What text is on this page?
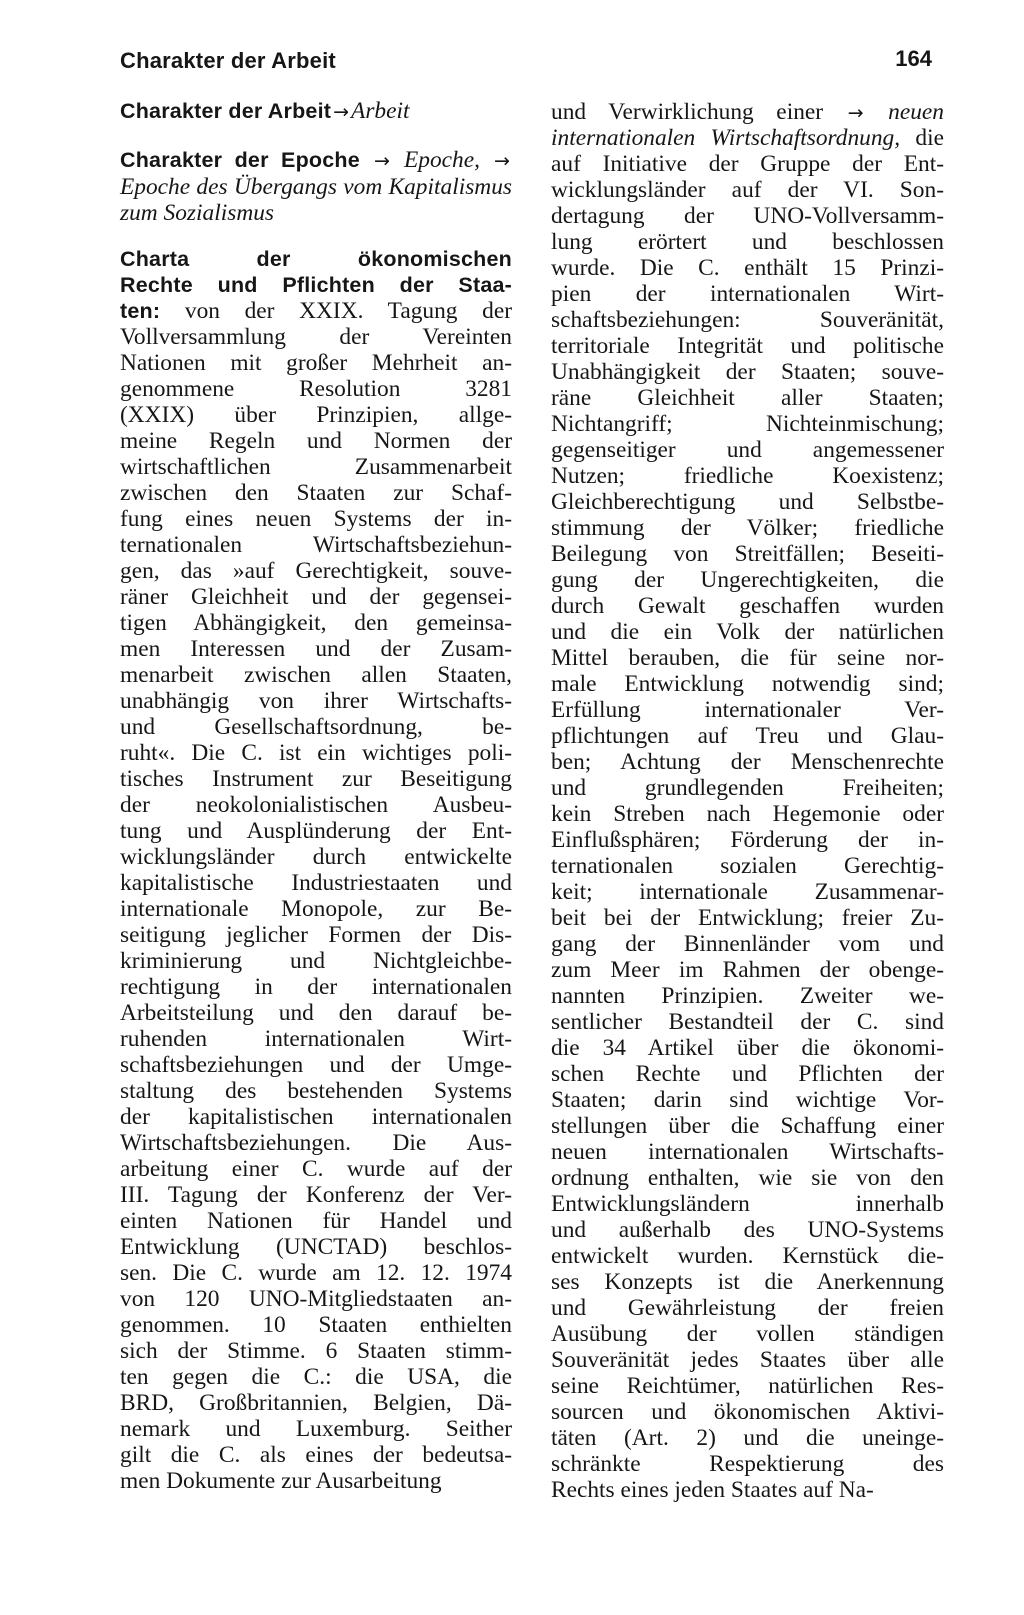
Charakter der Arbeit	164
Charakter der Arbeit →Arbeit
Charakter der Epoche → Epoche, → Epoche des Übergangs vom Kapitalismus zum Sozialismus
Charta der ökonomischen
Rechte und Pflichten der Staa-
ten: von der XXIX. Tagung der
Vollversammlung der Vereinten
Nationen mit großer Mehrheit an-
genommene Resolution 3281
(XXIX) über Prinzipien, allge-
meine Regeln und Normen der
wirtschaftlichen Zusammenarbeit
zwischen den Staaten zur Schaf-
fung eines neuen Systems der in-
ternationalen Wirtschaftsbeziehun-
gen, das »auf Gerechtigkeit, souve-
räner Gleichheit und der gegensei-
tigen Abhängigkeit, den gemeinsa-
men Interessen und der Zusam-
menarbeit zwischen allen Staaten,
unabhängig von ihrer Wirtschafts-
und Gesellschaftsordnung, be-
ruht«. Die C. ist ein wichtiges poli-
tisches Instrument zur Beseitigung
der neokolonialistischen Ausbeu-
tung und Ausplünderung der Ent-
wicklungsländer durch entwickelte
kapitalistische Industriestaaten und
internationale Monopole, zur Be-
seitigung jeglicher Formen der Dis-
kriminierung und Nichtgleichbe-
rechtigung in der internationalen
Arbeitsteilung und den darauf be-
ruhenden internationalen Wirt-
schaftsbeziehungen und der Umge-
staltung des bestehenden Systems
der kapitalistischen internationalen
Wirtschaftsbeziehungen. Die Aus-
arbeitung einer C. wurde auf der
III. Tagung der Konferenz der Ver-
einten Nationen für Handel und
Entwicklung (UNCTAD) beschlos-
sen. Die C. wurde am 12. 12. 1974
von 120 UNO-Mitgliedstaaten an-
genommen. 10 Staaten enthielten
sich der Stimme. 6 Staaten stimm-
ten gegen die C.: die USA, die
BRD, Großbritannien, Belgien, Dä-
nemark und Luxemburg. Seither
gilt die C. als eines der bedeutsa-
men Dokumente zur Ausarbeitung
und Verwirklichung einer → neuen
internationalen Wirtschaftsordnung, die
auf Initiative der Gruppe der Ent-
wicklungsländer auf der VI. Son-
dertagung der UNO-Vollversamm-
lung erörtert und beschlossen
wurde. Die C. enthält 15 Prinzi-
pien der internationalen Wirt-
schaftsbeziehungen: Souveränität,
territoriale Integrität und politische
Unabhängigkeit der Staaten; souve-
räne Gleichheit aller Staaten;
Nichtangriff; Nichteinmischung;
gegenseitiger und angemessener
Nutzen; friedliche Koexistenz;
Gleichberechtigung und Selbstbe-
stimmung der Völker; friedliche
Beilegung von Streitfällen; Beseiti-
gung der Ungerechtigkeiten, die
durch Gewalt geschaffen wurden
und die ein Volk der natürlichen
Mittel berauben, die für seine nor-
male Entwicklung notwendig sind;
Erfüllung internationaler Ver-
pflichtungen auf Treu und Glau-
ben; Achtung der Menschenrechte
und grundlegenden Freiheiten;
kein Streben nach Hegemonie oder
Einflußsphären; Förderung der in-
ternationalen sozialen Gerechtig-
keit; internationale Zusammenar-
beit bei der Entwicklung; freier Zu-
gang der Binnenländer vom und
zum Meer im Rahmen der obenge-
nannten Prinzipien. Zweiter we-
sentlicher Bestandteil der C. sind
die 34 Artikel über die ökonomi-
schen Rechte und Pflichten der
Staaten; darin sind wichtige Vor-
stellungen über die Schaffung einer
neuen internationalen Wirtschafts-
ordnung enthalten, wie sie von den
Entwicklungsländern innerhalb
und außerhalb des UNO-Systems
entwickelt wurden. Kernstück die-
ses Konzepts ist die Anerkennung
und Gewährleistung der freien
Ausübung der vollen ständigen
Souveränität jedes Staates über alle
seine Reichtümer, natürlichen Res-
sourcen und ökonomischen Aktivi-
täten (Art. 2) und die uneinge-
schränkte Respektierung des
Rechts eines jeden Staates auf Na-
